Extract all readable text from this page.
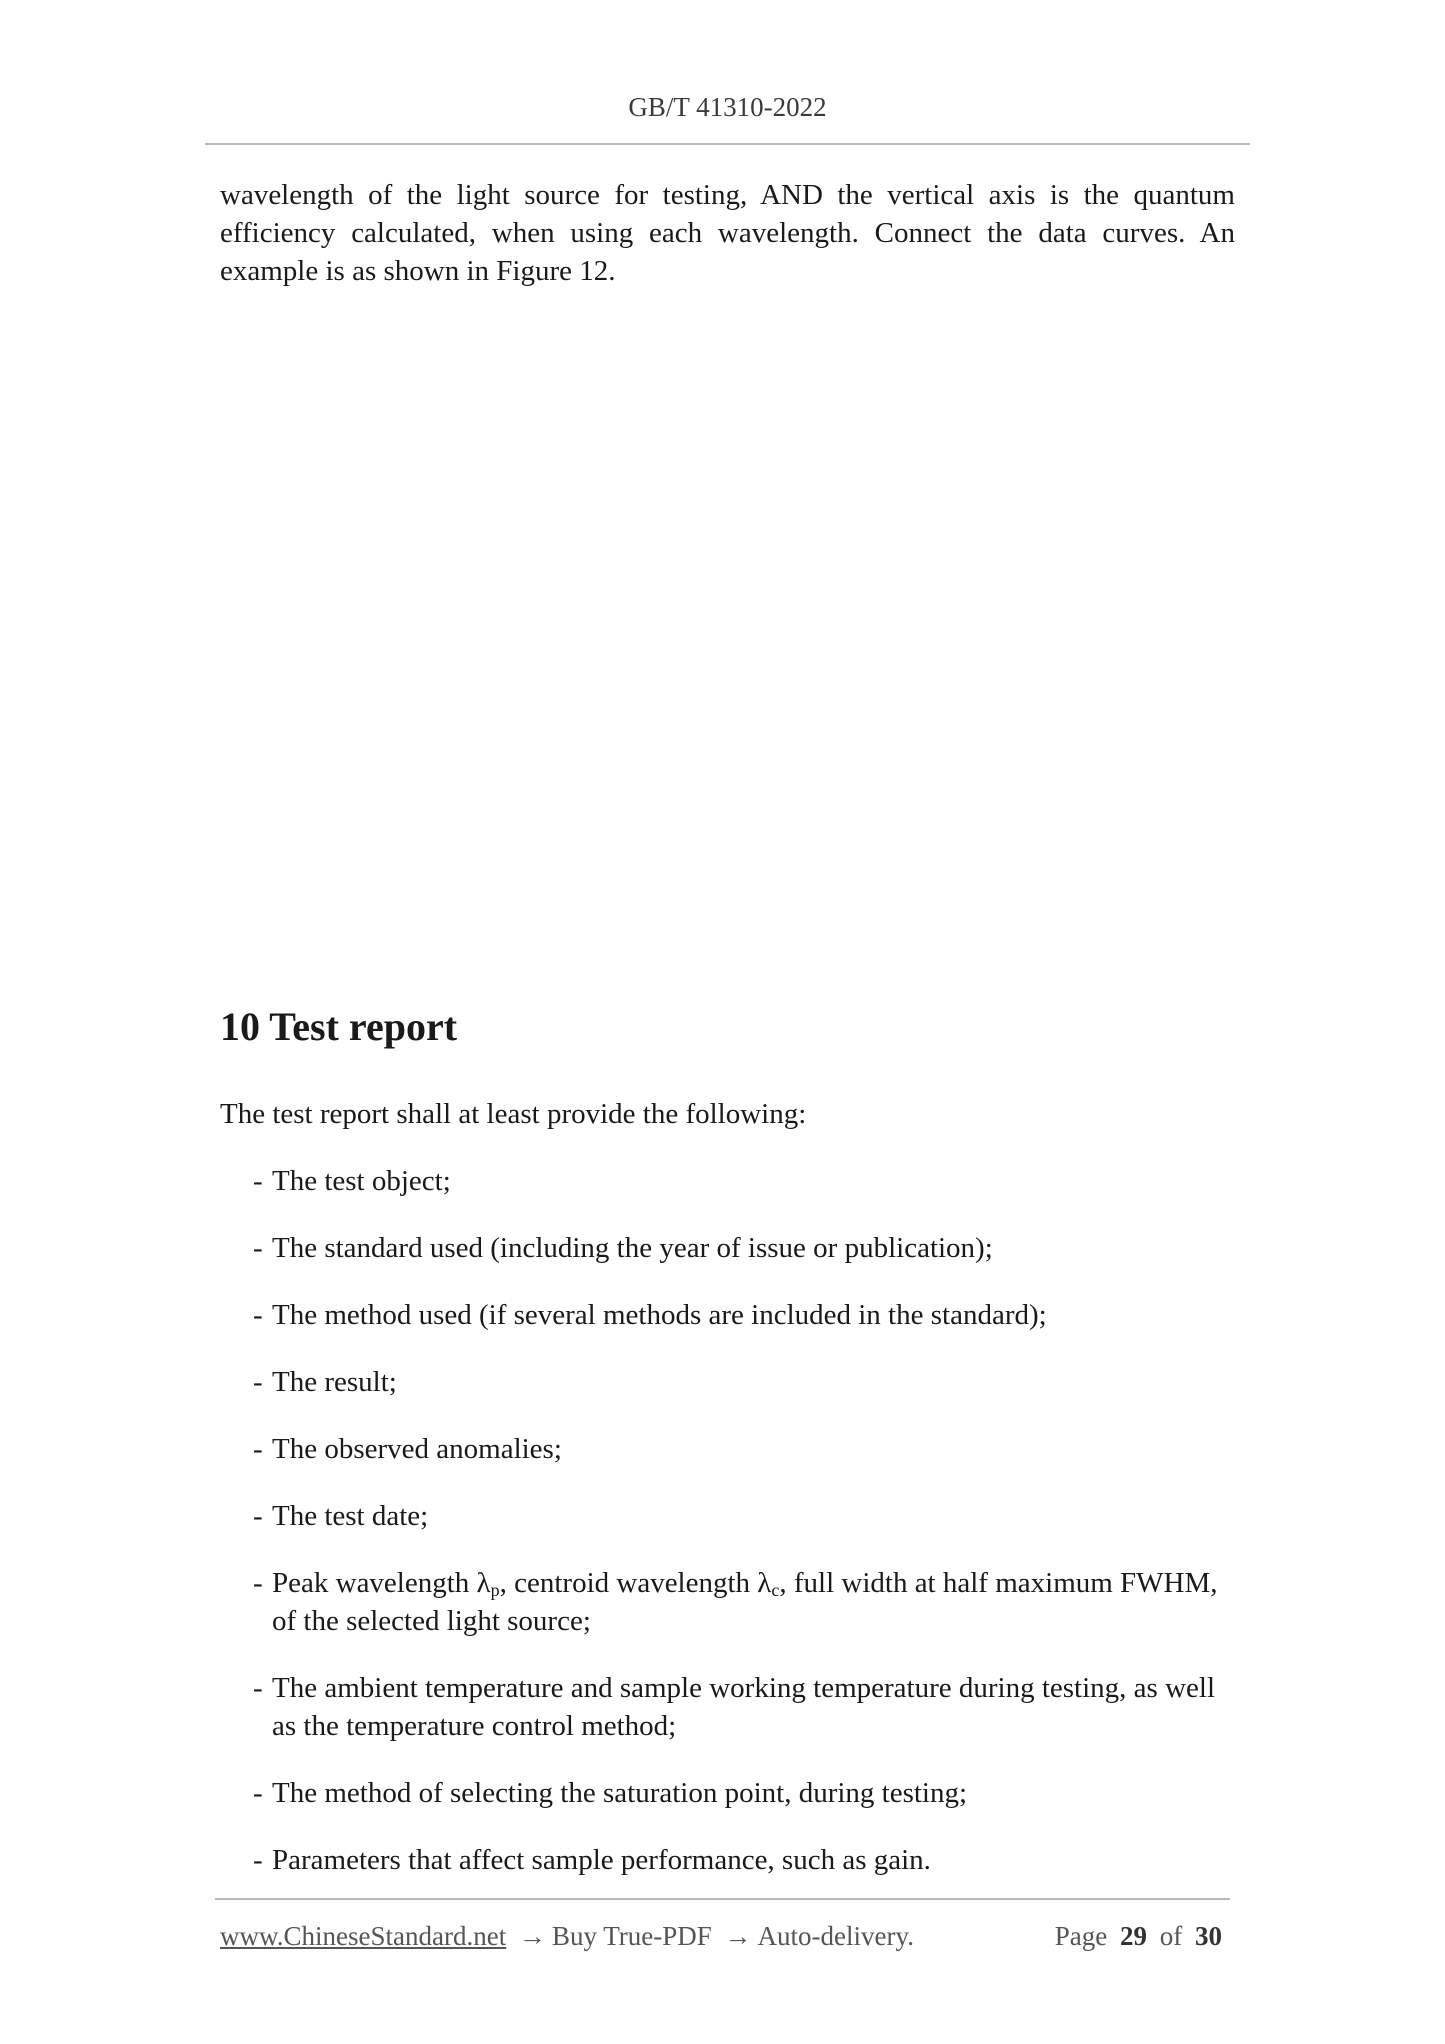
GB/T 41310-2022

wavelength of the light source for testing, AND the vertical axis is the quantum efficiency calculated, when using each wavelength. Connect the data curves. An example is as shown in Figure 12.

10 Test report

The test report shall at least provide the following:

- The test object;
- The standard used (including the year of issue or publication);
- The method used (if several methods are included in the standard);
- The result;
- The observed anomalies;
- The test date;
- Peak wavelength $\lambda_p$, centroid wavelength $\lambda_c$, full width at half maximum FWHM, of the selected light source;
- The ambient temperature and sample working temperature during testing, as well as the temperature control method;
- The method of selecting the saturation point, during testing;
- Parameters that affect sample performance, such as gain.
www.ChineseStandard.net → Buy True-PDF → Auto-delivery.	Page 29 of 30
